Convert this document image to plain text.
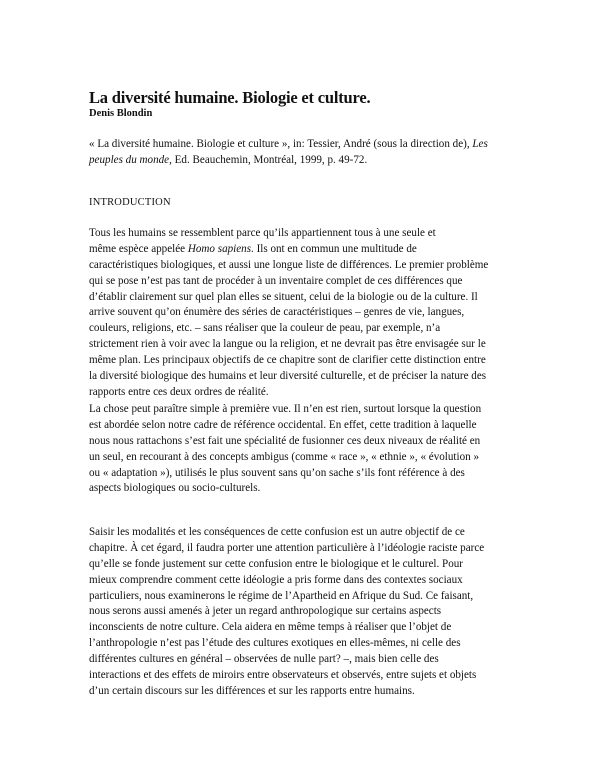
La diversité humaine. Biologie et culture.
Denis Blondin
« La diversité humaine. Biologie et culture », in: Tessier, André (sous la direction de), Les
peuples du monde, Ed. Beauchemin, Montréal, 1999, p. 49-72.
INTRODUCTION
Tous les humains se ressemblent parce qu’ils appartiennent tous à une seule et
même espèce appelée Homo sapiens. Ils ont en commun une multitude de
caractéristiques biologiques, et aussi une longue liste de différences. Le premier problème
qui se pose n’est pas tant de procéder à un inventaire complet de ces différences que
d’établir clairement sur quel plan elles se situent, celui de la biologie ou de la culture. Il
arrive souvent qu’on énumère des séries de caractéristiques – genres de vie, langues,
couleurs, religions, etc. – sans réaliser que la couleur de peau, par exemple, n’a
strictement rien à voir avec la langue ou la religion, et ne devrait pas être envisagée sur le
même plan. Les principaux objectifs de ce chapitre sont de clarifier cette distinction entre
la diversité biologique des humains et leur diversité culturelle, et de préciser la nature des
rapports entre ces deux ordres de réalité.
La chose peut paraître simple à première vue. Il n’en est rien, surtout lorsque la question
est abordée selon notre cadre de référence occidental. En effet, cette tradition à laquelle
nous nous rattachons s’est fait une spécialité de fusionner ces deux niveaux de réalité en
un seul, en recourant à des concepts ambigus (comme « race », « ethnie », « évolution »
ou « adaptation »), utilisés le plus souvent sans qu’on sache s’ils font référence à des
aspects biologiques ou socio-culturels.
Saisir les modalités et les conséquences de cette confusion est un autre objectif de ce
chapitre. À cet égard, il faudra porter une attention particulière à l’idéologie raciste parce
qu’elle se fonde justement sur cette confusion entre le biologique et le culturel. Pour
mieux comprendre comment cette idéologie a pris forme dans des contextes sociaux
particuliers, nous examinerons le régime de l’Apartheid en Afrique du Sud. Ce faisant,
nous serons aussi amenés à jeter un regard anthropologique sur certains aspects
inconscients de notre culture. Cela aidera en même temps à réaliser que l’objet de
l’anthropologie n’est pas l’étude des cultures exotiques en elles-mêmes, ni celle des
différentes cultures en général – observées de nulle part? –, mais bien celle des
interactions et des effets de miroirs entre observateurs et observés, entre sujets et objets
d’un certain discours sur les différences et sur les rapports entre humains.
